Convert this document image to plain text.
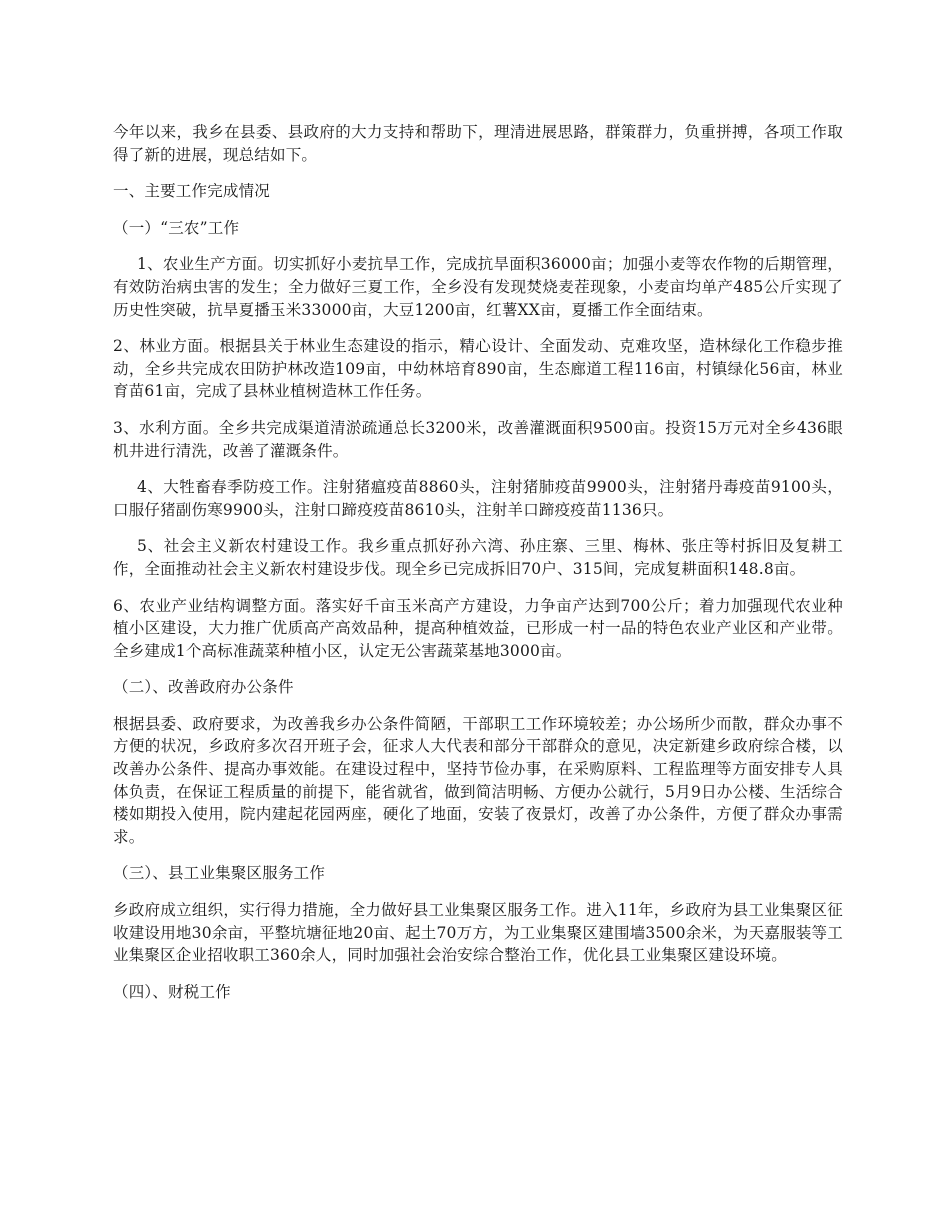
今年以来，我乡在县委、县政府的大力支持和帮助下，理清进展思路，群策群力，负重拼搏，各项工作取得了新的进展，现总结如下。

一、主要工作完成情况

（一）“三农”工作

1、农业生产方面。切实抓好小麦抗旱工作，完成抗旱面积36000亩；加强小麦等农作物的后期管理，有效防治病虫害的发生；全力做好三夏工作，全乡没有发现焚烧麦茬现象，小麦亩均单产485公斤实现了历史性突破，抗旱夏播玉米33000亩，大豆1200亩，红薯XX亩，夏播工作全面结束。

2、林业方面。根据县关于林业生态建设的指示，精心设计、全面发动、克难攻坚，造林绿化工作稳步推动，全乡共完成农田防护林改造109亩，中幼林培育890亩，生态廊道工程116亩，村镇绿化56亩，林业育苗61亩，完成了县林业植树造林工作任务。

3、水利方面。全乡共完成渠道清淤疏通总长3200米，改善灌溉面积9500亩。投资15万元对全乡436眼机井进行清洗，改善了灌溉条件。

4、大牲畜春季防疫工作。注射猪瘟疫苗8860头，注射猪肺疫苗9900头，注射猪丹毒疫苗9100头，口服仔猪副伤寒9900头，注射口蹄疫疫苗8610头，注射羊口蹄疫疫苗1136只。

5、社会主义新农村建设工作。我乡重点抓好孙六湾、孙庄寨、三里、梅林、张庄等村拆旧及复耕工作，全面推动社会主义新农村建设步伐。现全乡已完成拆旧70户、315间，完成复耕面积148.8亩。

6、农业产业结构调整方面。落实好千亩玉米高产方建设，力争亩产达到700公斤；着力加强现代农业种植小区建设，大力推广优质高产高效品种，提高种植效益，已形成一村一品的特色农业产业区和产业带。全乡建成1个高标准蔬菜种植小区，认定无公害蔬菜基地3000亩。

（二）、改善政府办公条件

根据县委、政府要求，为改善我乡办公条件简陋，干部职工工作环境较差；办公场所少而散，群众办事不方便的状况，乡政府多次召开班子会，征求人大代表和部分干部群众的意见，决定新建乡政府综合楼，以改善办公条件、提高办事效能。在建设过程中，坚持节俭办事，在采购原料、工程监理等方面安排专人具体负责，在保证工程质量的前提下，能省就省，做到简洁明畅、方便办公就行，5月9日办公楼、生活综合楼如期投入使用，院内建起花园两座，硬化了地面，安装了夜景灯，改善了办公条件，方便了群众办事需求。

（三）、县工业集聚区服务工作

乡政府成立组织，实行得力措施，全力做好县工业集聚区服务工作。进入11年，乡政府为县工业集聚区征收建设用地30余亩，平整坑塘征地20亩、起土70万方，为工业集聚区建围墙3500余米，为天嘉服装等工业集聚区企业招收职工360余人，同时加强社会治安综合整治工作，优化县工业集聚区建设环境。

（四）、财税工作
